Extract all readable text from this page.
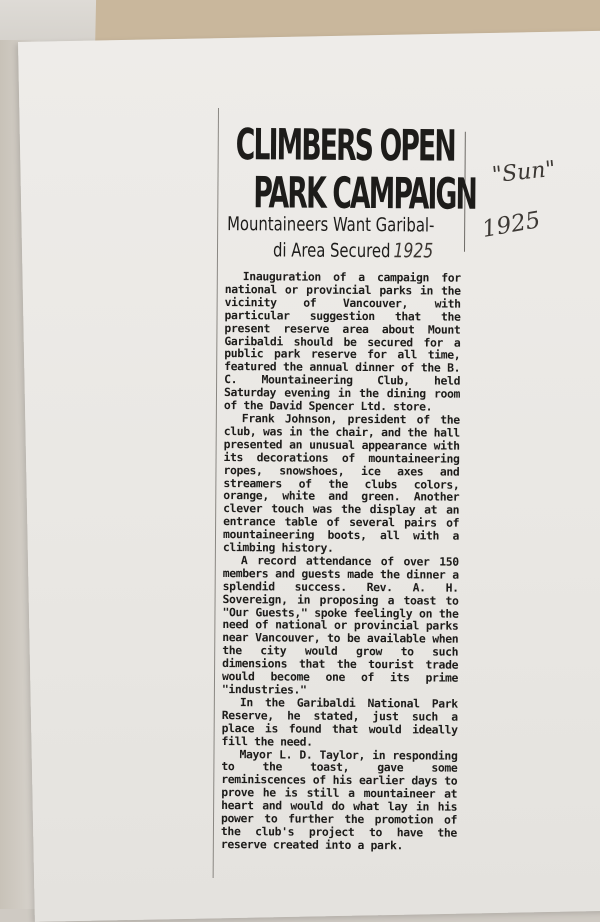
CLIMBERS OPEN
PARK CAMPAIGN
Mountaineers Want Garibal-
di Area Secured 1925

Inauguration of a campaign for national or provincial parks in the vicinity of Vancouver, with particular suggestion that the present reserve area about Mount Garibaldi should be secured for a public park reserve for all time, featured the annual dinner of the B. C. Mountaineering Club, held Saturday evening in the dining room of the David Spencer Ltd. store.

Frank Johnson, president of the club, was in the chair, and the hall presented an unusual appearance with its decorations of mountaineering ropes, snowshoes, ice axes and streamers of the clubs colors, orange, white and green. Another clever touch was the display at an entrance table of several pairs of mountaineering boots, all with a climbing history.

A record attendance of over 150 members and guests made the dinner a splendid success. Rev. A. H. Sovereign, in proposing a toast to "Our Guests," spoke feelingly on the need of national or provincial parks near Vancouver, to be available when the city would grow to such dimensions that the tourist trade would become one of its prime "industries."

In the Garibaldi National Park Reserve, he stated, just such a place is found that would ideally fill the need.

Mayor L. D. Taylor, in responding to the toast, gave some reminiscences of his earlier days to prove he is still a mountaineer at heart and would do what lay in his power to further the promotion of the club's project to have the reserve created into a park.

"Sun"
1925
